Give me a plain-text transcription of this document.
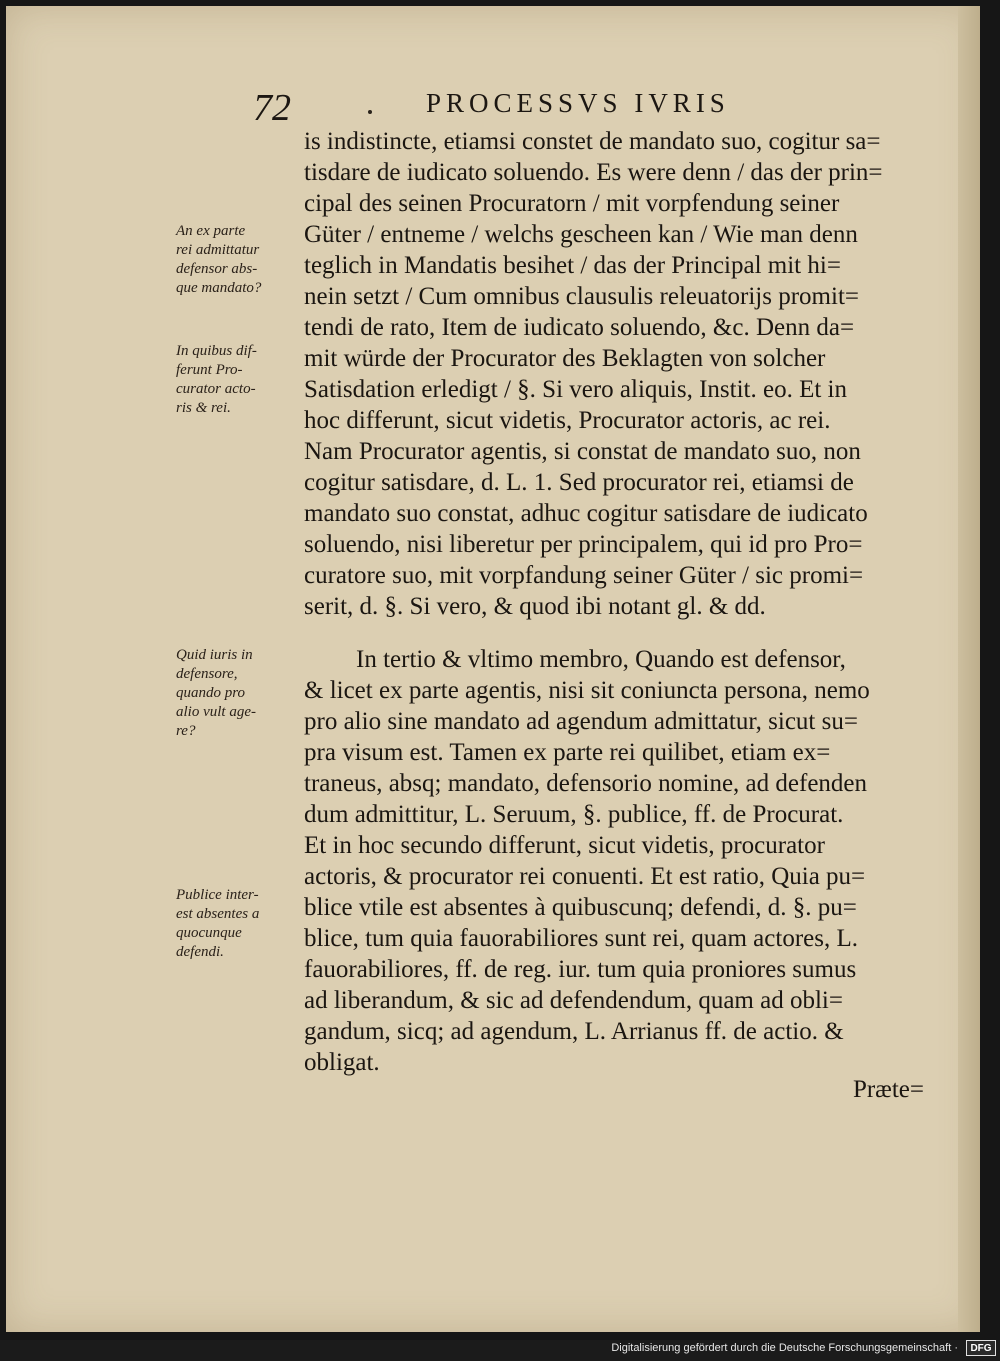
72	PROCESSVS IVRIS

is indistincte, etiamsi constet de mandato suo, cogitur sa=
tisdare de iudicato soluendo. Es were denn / das der prin=
cipal des seinen Procuratorn / mit vorpfendung seiner
Güter / entneme / welchs gescheen kan / Wie man denn
teglich in Mandatis besihet / das der Principal mit hi=
nein setzt / Cum omnibus clausulis releuatorijs promit=
tendi de rato, Item de iudicato soluendo, &c. Denn da=
mit würde der Procurator des Beklagten von solcher
Satisdation erledigt / §. Si vero aliquis, Instit. eo. Et in
hoc differunt, sicut videtis, Procurator actoris, ac rei.
Nam Procurator agentis, si constat de mandato suo, non
cogitur satisdare, d. L. 1. Sed procurator rei, etiamsi de
mandato suo constat, adhuc cogitur satisdare de iudicato
soluendo, nisi liberetur per principalem, qui id pro Pro=
curatore suo, mit vorpfandung seiner Güter / sic promi=
serit, d. §. Si vero, & quod ibi notant gl. & dd.
In tertio & vltimo membro, Quando est defensor,
& licet ex parte agentis, nisi sit coniuncta persona, nemo
pro alio sine mandato ad agendum admittatur, sicut su=
pra visum est. Tamen ex parte rei quilibet, etiam ex=
traneus, absq; mandato, defensorio nomine, ad defenden
dum admittitur, L. Seruum, §. publice, ff. de Procurat.
Et in hoc secundo differunt, sicut videtis, procurator
actoris, & procurator rei conuenti. Et est ratio, Quia pu=
blice vtile est absentes à quibuscunq; defendi, d. §. pu=
blice, tum quia fauorabiliores sunt rei, quam actores, L.
fauorabiliores, ff. de reg. iur. tum quia proniores sumus
ad liberandum, & sic ad defendendum, quam ad obli=
gandum, sicq; ad agendum, L. Arrianus ff. de actio. &
obligat.

Præte=

An ex parte
rei admittatur
defensor abs-
que mandato?
In quibus dif-
ferunt Pro-
curator acto-
ris & rei.
Quid iuris in
defensore,
quando pro
alio vult age-
re?
Publice inter-
est absentes a
quocunque
defendi.

Digitalisierung gefördert durch die Deutsche Forschungsgemeinschaft ·	DFG
